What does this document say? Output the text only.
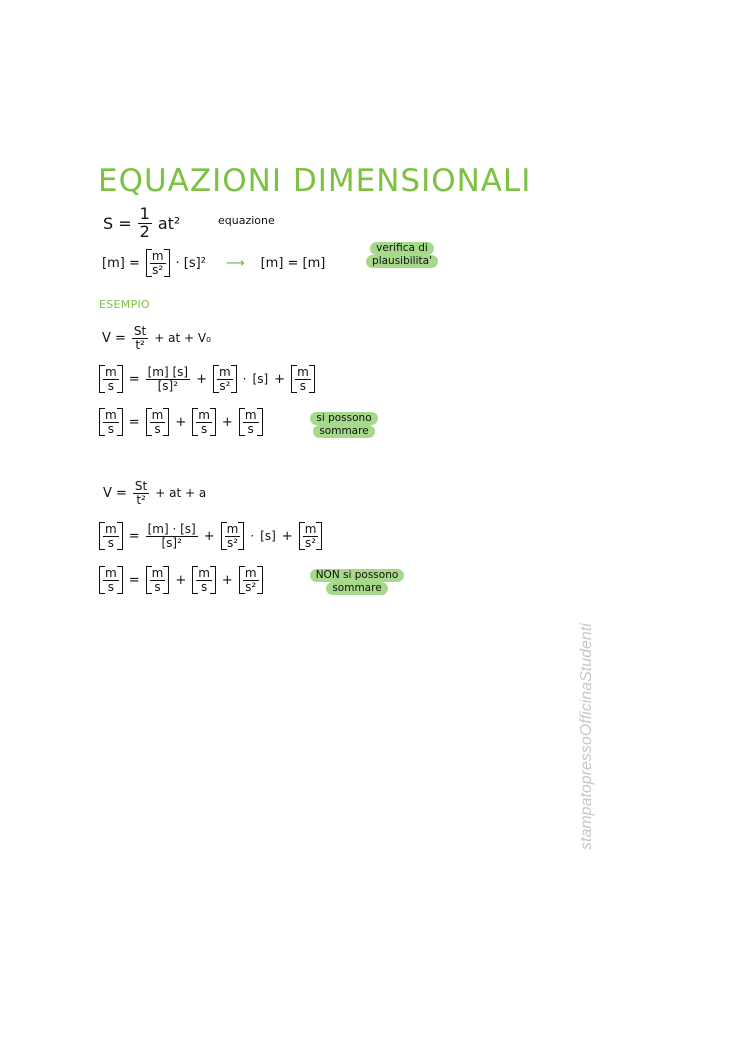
EQUAZIONI DIMENSIONALI
$S = \frac{1}{2} at^2$	equazione
$[m] = \frac{m}{\text{s²}} \cdot [s]^2$ ⟶ [m] = [m]
verifica di
plausibilita'
ESEMPIO
$V = \frac{St}{\text{t²}}$ + at + V₀
$\frac{m}{s} = \frac{[m] [s]}{\text{[s]²}} + \frac{m}{\text{s²}} \cdot [s] + \frac{m}{s}$
$\frac{m}{s} = \frac{m}{s} + \frac{m}{s} + \frac{m}{s}$	si possono
sommare
$V = \frac{St}{\text{t²}}$ + at + a
$\frac{m}{s} = \frac{[m] \cdot [s]}{\text{[s]²}} + \frac{m}{\text{s²}} \cdot [s] + \frac{m}{\text{s²}}$
$\frac{m}{s} = \frac{m}{s} + \frac{m}{s} + \frac{m}{\text{s²}}$	NON si possono
sommare
stampatopressoOfficinaStudenti
